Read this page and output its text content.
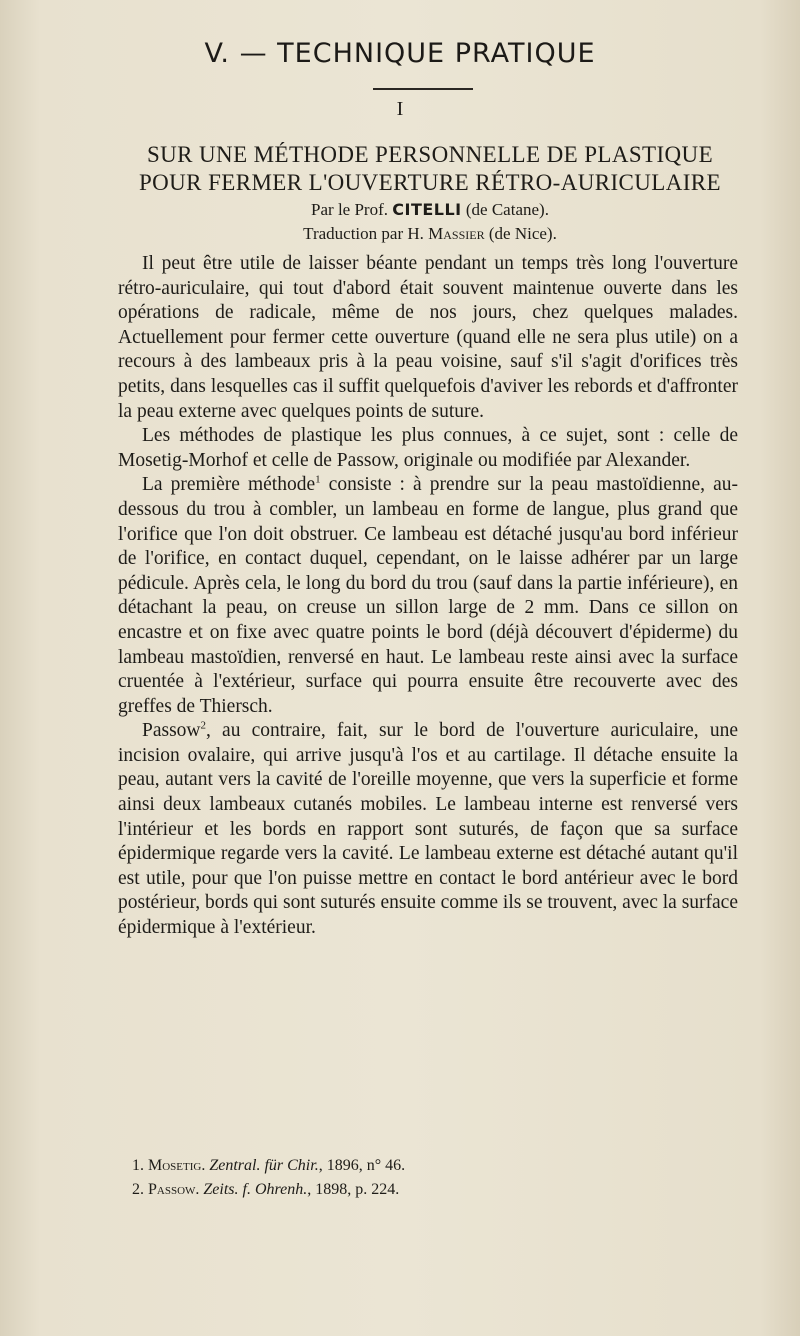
V. — TECHNIQUE PRATIQUE
I
SUR UNE MÉTHODE PERSONNELLE DE PLASTIQUE
POUR FERMER L'OUVERTURE RÉTRO-AURICULAIRE
Par le Prof. CITELLI (de Catane).
Traduction par H. Massier (de Nice).

Il peut être utile de laisser béante pendant un temps très long l'ouverture rétro-auriculaire, qui tout d'abord était souvent maintenue ouverte dans les opérations de radicale, même de nos jours, chez quelques malades. Actuellement pour fermer cette ouverture (quand elle ne sera plus utile) on a recours à des lambeaux pris à la peau voisine, sauf s'il s'agit d'orifices très petits, dans lesquelles cas il suffit quelquefois d'aviver les rebords et d'affronter la peau externe avec quelques points de suture.

Les méthodes de plastique les plus connues, à ce sujet, sont : celle de Mosetig-Morhof et celle de Passow, originale ou modifiée par Alexander.

La première méthode$^1$ consiste : à prendre sur la peau mastoïdienne, au-dessous du trou à combler, un lambeau en forme de langue, plus grand que l'orifice que l'on doit obstruer. Ce lambeau est détaché jusqu'au bord inférieur de l'orifice, en contact duquel, cependant, on le laisse adhérer par un large pédicule. Après cela, le long du bord du trou (sauf dans la partie inférieure), en détachant la peau, on creuse un sillon large de 2 mm. Dans ce sillon on encastre et on fixe avec quatre points le bord (déjà découvert d'épiderme) du lambeau mastoïdien, renversé en haut. Le lambeau reste ainsi avec la surface cruentée à l'extérieur, surface qui pourra ensuite être recouverte avec des greffes de Thiersch.

Passow$^2$, au contraire, fait, sur le bord de l'ouverture auriculaire, une incision ovalaire, qui arrive jusqu'à l'os et au cartilage. Il détache ensuite la peau, autant vers la cavité de l'oreille moyenne, que vers la superficie et forme ainsi deux lambeaux cutanés mobiles. Le lambeau interne est renversé vers l'intérieur et les bords en rapport sont suturés, de façon que sa surface épidermique regarde vers la cavité. Le lambeau externe est détaché autant qu'il est utile, pour que l'on puisse mettre en contact le bord antérieur avec le bord postérieur, bords qui sont suturés ensuite comme ils se trouvent, avec la surface épidermique à l'extérieur.

1. Mosetig. Zentral. für Chir., 1896, n° 46.
2. Passow. Zeits. f. Ohrenh., 1898, p. 224.
